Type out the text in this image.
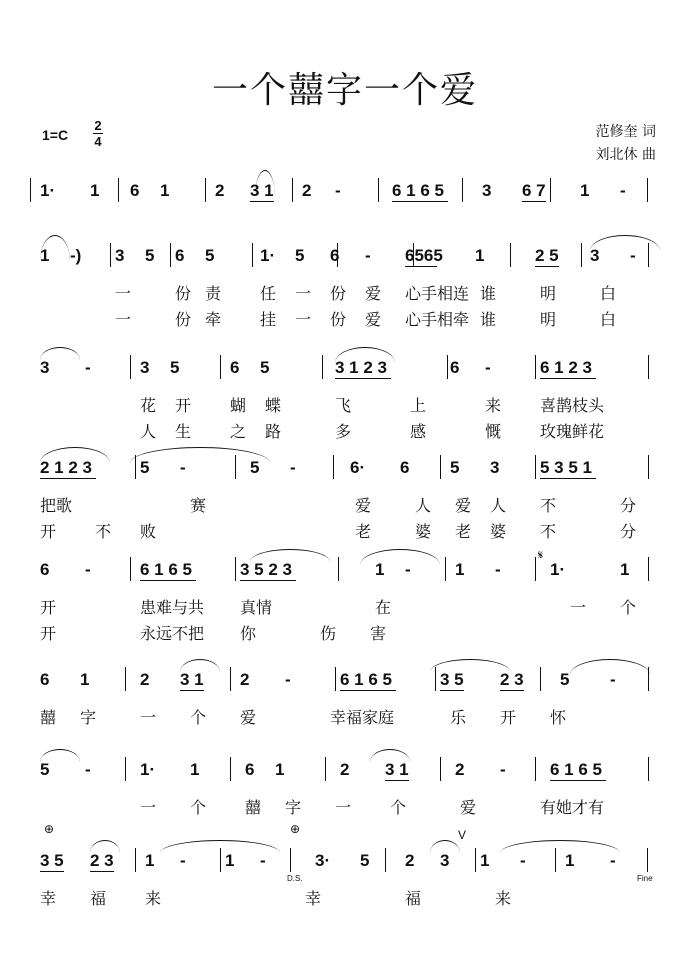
一个囍字一个爱
1=C
2
4
范修奎 词
刘北休 曲
1· 1 6 1	2 3 1 2 -	6 1 6 5 3 6 7 1 -
1 -) 3 5 6 5	1· 5 6 - 6565 1	2 5 3 -
一	份 责 任 一 份 爱 心手相连 谁	明	白
一	份 牵 挂 一 份 爱 心手相牵 谁	明	白
3 -	3 5	6 5	3 1 2 3	6 -	6 1 2 3
花 开 蝴 蝶	飞	上	来 喜鹊枝头
人 生 之 路	多	感	慨 玫瑰鲜花
2 1 2 3	5 -	5 -	6· 6 5 3 5 3 5 1
把歌	赛	爱	人 爱 人 不	分
开 不 败	老	婆 老 婆 不	分
6 -	6 1 6 5	3 5 2 3	1 -	1 -	1·	1
开	患难与共 真情	在	一 个
开	永远不把 你	伤 害
6 1	2 3 1 2 -	6 1 6 5	3 5 2 3 5 -
囍 字	一 个 爱	幸福家庭	乐 开 怀
5 -	1· 1	6 1	2 3 1	2 -	6 1 6 5
一 个 囍 字 一 个	爱	有她才有
3 5 2 3 1 - 1 -	3· 5 2 3 1 - 1 -
幸 福 来	幸	福	来
𝄋
⊕	⊕	V
D.S.	Fine
